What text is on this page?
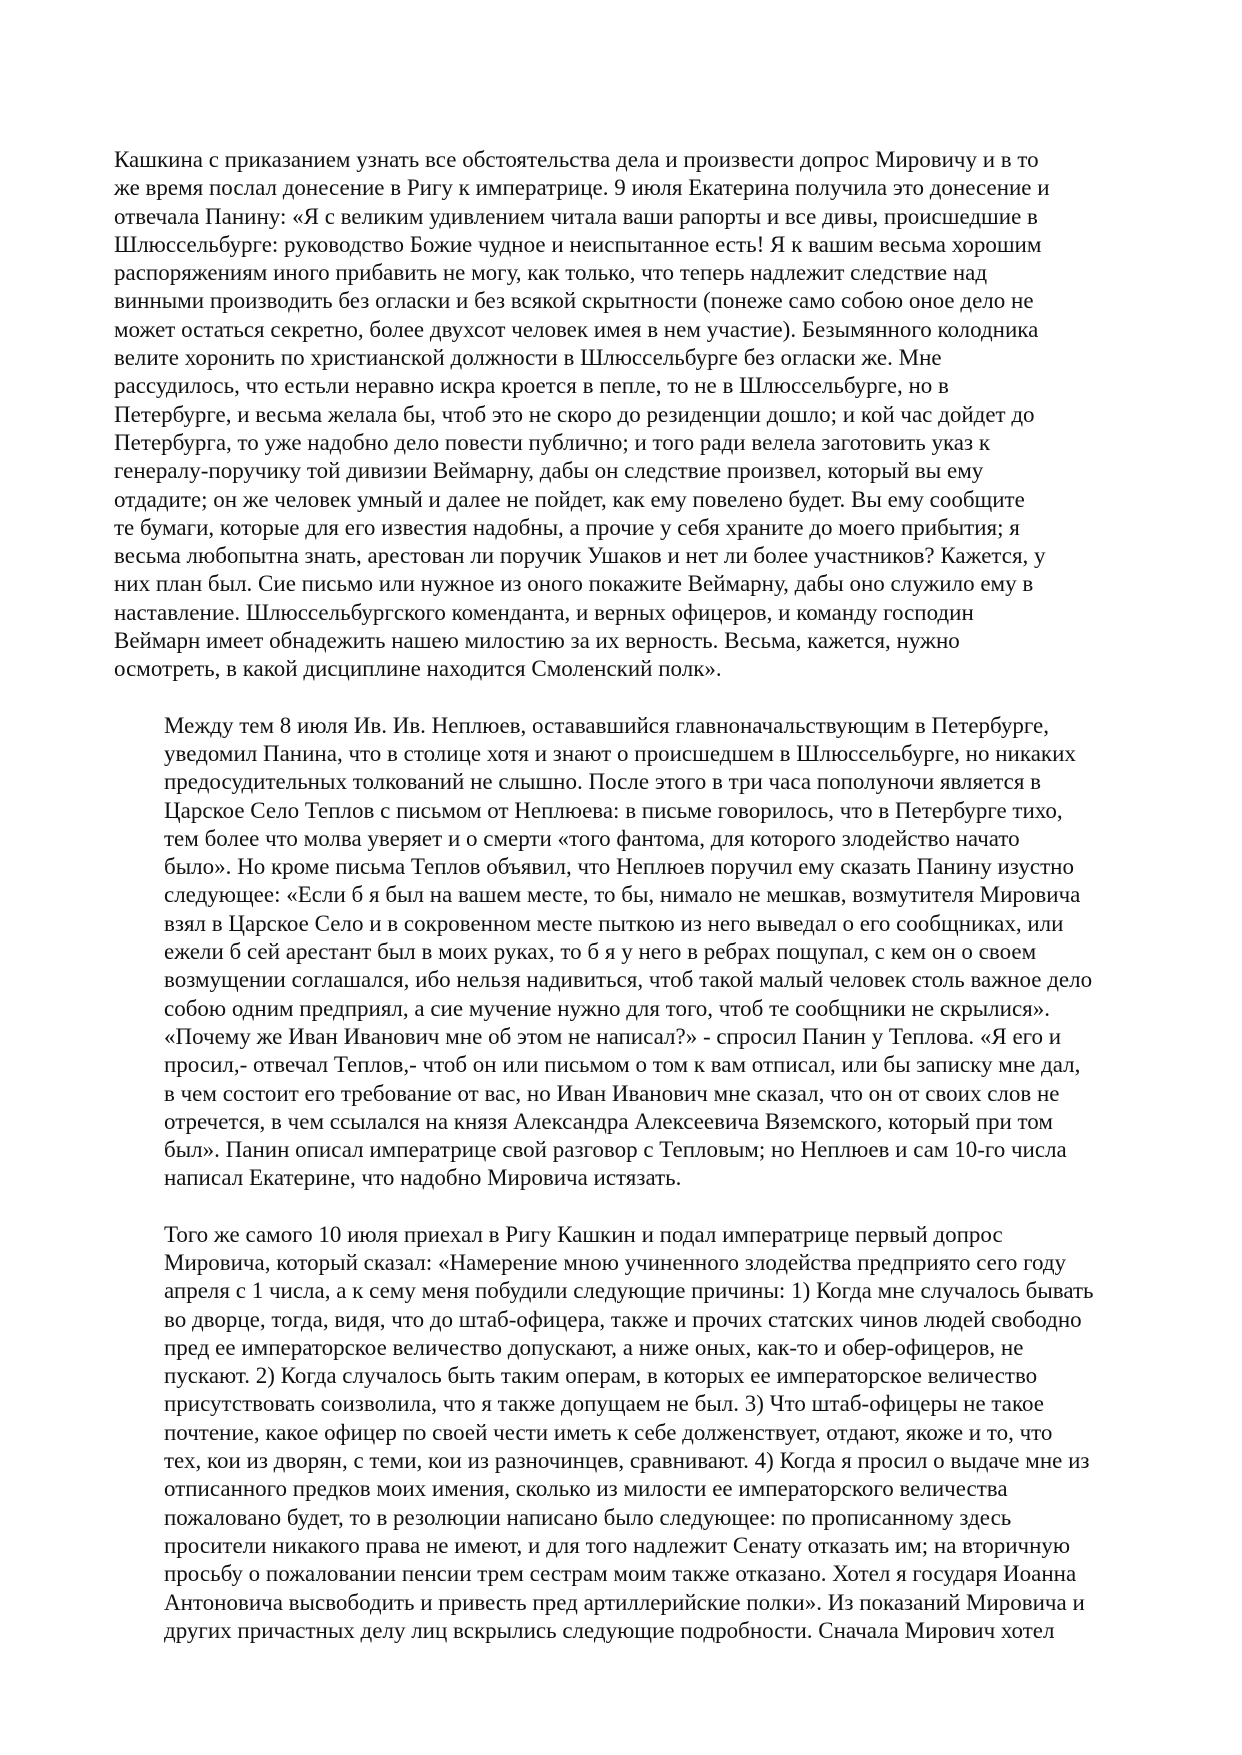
Кашкина с приказанием узнать все обстоятельства дела и произвести допрос Мировичу и в то
же время послал донесение в Ригу к императрице. 9 июля Екатерина получила это донесение и
отвечала Панину: «Я с великим удивлением читала ваши рапорты и все дивы, происшедшие в
Шлюссельбурге: руководство Божие чудное и неиспытанное есть! Я к вашим весьма хорошим
распоряжениям иного прибавить не могу, как только, что теперь надлежит следствие над
винными производить без огласки и без всякой скрытности (понеже само собою оное дело не
может остаться секретно, более двухсот человек имея в нем участие). Безымянного колодника
велите хоронить по христианской должности в Шлюссельбурге без огласки же. Мне
рассудилось, что естьли неравно искра кроется в пепле, то не в Шлюссельбурге, но в
Петербурге, и весьма желала бы, чтоб это не скоро до резиденции дошло; и кой час дойдет до
Петербурга, то уже надобно дело повести публично; и того ради велела заготовить указ к
генералу-поручику той дивизии Веймарну, дабы он следствие произвел, который вы ему
отдадите; он же человек умный и далее не пойдет, как ему повелено будет. Вы ему сообщите
те бумаги, которые для его известия надобны, а прочие у себя храните до моего прибытия; я
весьма любопытна знать, арестован ли поручик Ушаков и нет ли более участников? Кажется, у
них план был. Сие письмо или нужное из оного покажите Веймарну, дабы оно служило ему в
наставление. Шлюссельбургского коменданта, и верных офицеров, и команду господин
Веймарн имеет обнадежить нашею милостию за их верность. Весьма, кажется, нужно
осмотреть, в какой дисциплине находится Смоленский полк».

Между тем 8 июля Ив. Ив. Неплюев, остававшийся главноначальствующим в Петербурге,
уведомил Панина, что в столице хотя и знают о происшедшем в Шлюссельбурге, но никаких
предосудительных толкований не слышно. После этого в три часа пополуночи является в
Царское Село Теплов с письмом от Неплюева: в письме говорилось, что в Петербурге тихо,
тем более что молва уверяет и о смерти «того фантома, для которого злодейство начато
было». Но кроме письма Теплов объявил, что Неплюев поручил ему сказать Панину изустно
следующее: «Если б я был на вашем месте, то бы, нимало не мешкав, возмутителя Мировича
взял в Царское Село и в сокровенном месте пыткою из него выведал о его сообщниках, или
ежели б сей арестант был в моих руках, то б я у него в ребрах пощупал, с кем он о своем
возмущении соглашался, ибо нельзя надивиться, чтоб такой малый человек столь важное дело
собою одним предприял, а сие мучение нужно для того, чтоб те сообщники не скрылися».
«Почему же Иван Иванович мне об этом не написал?» - спросил Панин у Теплова. «Я его и
просил,- отвечал Теплов,- чтоб он или письмом о том к вам отписал, или бы записку мне дал,
в чем состоит его требование от вас, но Иван Иванович мне сказал, что он от своих слов не
отречется, в чем ссылался на князя Александра Алексеевича Вяземского, который при том
был». Панин описал императрице свой разговор с Тепловым; но Неплюев и сам 10-го числа
написал Екатерине, что надобно Мировича истязать.

Того же самого 10 июля приехал в Ригу Кашкин и подал императрице первый допрос
Мировича, который сказал: «Намерение мною учиненного злодейства предприято сего году
апреля с 1 числа, а к сему меня побудили следующие причины: 1) Когда мне случалось бывать
во дворце, тогда, видя, что до штаб-офицера, также и прочих статских чинов людей свободно
пред ее императорское величество допускают, а ниже оных, как-то и обер-офицеров, не
пускают. 2) Когда случалось быть таким операм, в которых ее императорское величество
присутствовать соизволила, что я также допущаем не был. 3) Что штаб-офицеры не такое
почтение, какое офицер по своей чести иметь к себе долженствует, отдают, якоже и то, что
тех, кои из дворян, с теми, кои из разночинцев, сравнивают. 4) Когда я просил о выдаче мне из
отписанного предков моих имения, сколько из милости ее императорского величества
пожаловано будет, то в резолюции написано было следующее: по прописанному здесь
просители никакого права не имеют, и для того надлежит Сенату отказать им; на вторичную
просьбу о пожаловании пенсии трем сестрам моим также отказано. Хотел я государя Иоанна
Антоновича высвободить и привесть пред артиллерийские полки». Из показаний Мировича и
других причастных делу лиц вскрылись следующие подробности. Сначала Мирович хотел
